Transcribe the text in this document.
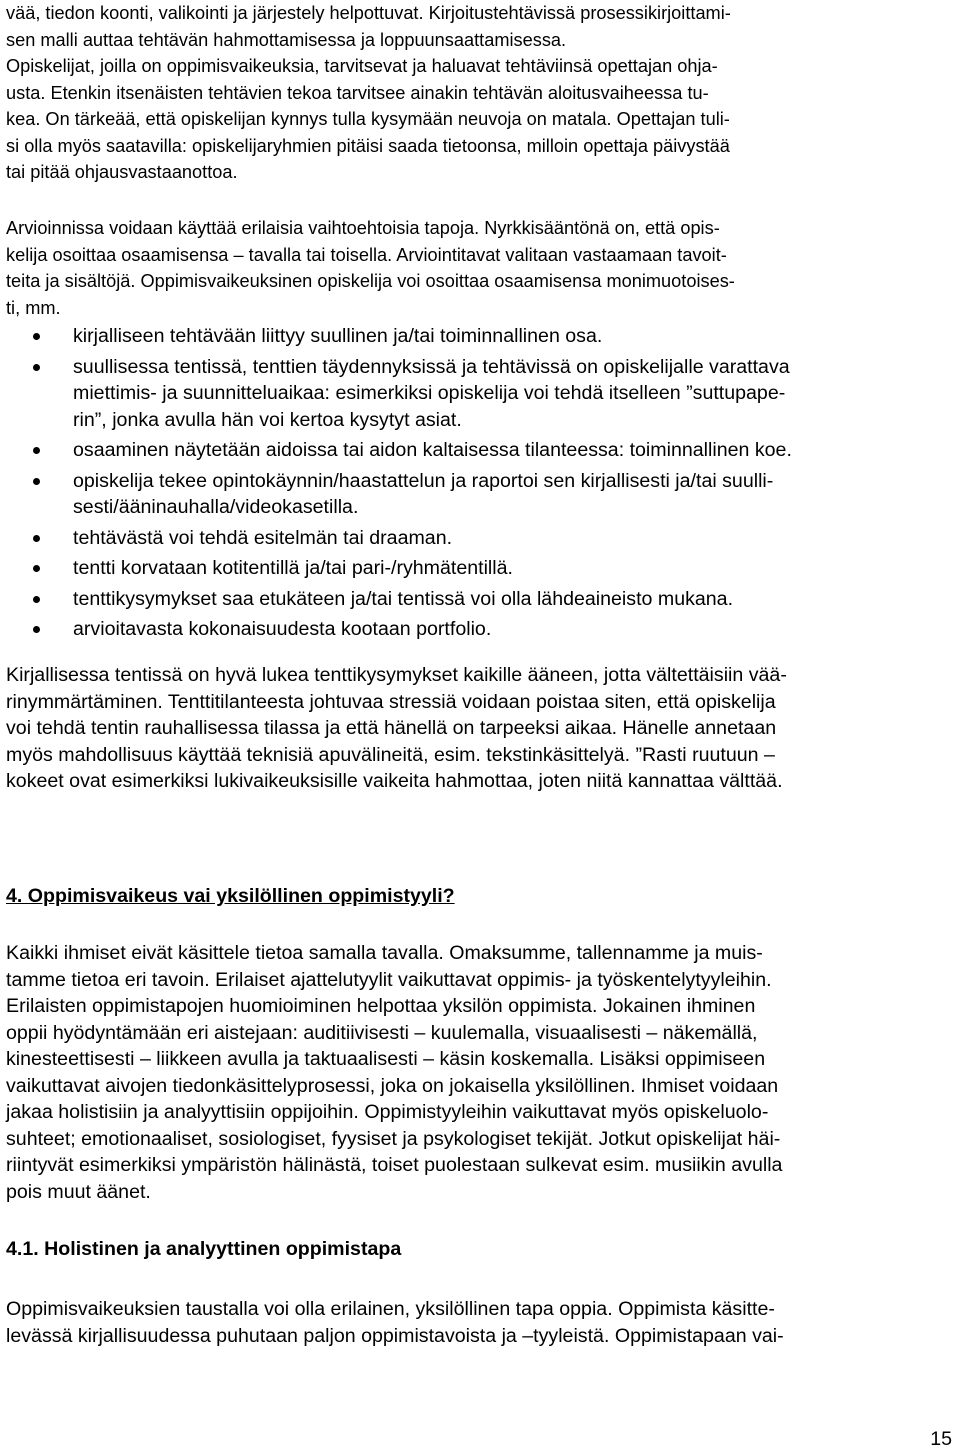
vää, tiedon koonti, valikointi ja järjestely helpottuvat. Kirjoitustehtävissä prosessikirjoittami-
sen malli auttaa tehtävän hahmottamisessa ja loppuunsaattamisessa.
Opiskelijat, joilla on oppimisvaikeuksia, tarvitsevat ja haluavat tehtäviinsä opettajan ohja-
usta. Etenkin itsenäisten tehtävien tekoa tarvitsee ainakin tehtävän aloitusvaiheessa tu-
kea. On tärkeää, että opiskelijan kynnys tulla kysymään neuvoja on matala. Opettajan tuli-
si olla myös saatavilla: opiskelijaryhmien pitäisi saada tietoonsa, milloin opettaja päivystää
tai pitää ohjausvastaanottoa.
Arvioinnissa voidaan käyttää erilaisia vaihtoehtoisia tapoja. Nyrkkisääntönä on, että opis-
kelija osoittaa osaamisensa – tavalla tai toisella. Arviointitavat valitaan vastaamaan tavoit-
teita ja sisältöjä. Oppimisvaikeuksinen opiskelija voi osoittaa osaamisensa monimuotoises-
ti, mm.
kirjalliseen tehtävään liittyy suullinen ja/tai toiminnallinen osa.
suullisessa tentissä, tenttien täydennyksissä ja tehtävissä on opiskelijalle varattava
miettimis- ja suunnitteluaikaa: esimerkiksi opiskelija voi tehdä itselleen ”suttupape-
rin”, jonka avulla hän voi kertoa kysytyt asiat.
osaaminen näytetään aidoissa tai aidon kaltaisessa tilanteessa: toiminnallinen koe.
opiskelija tekee opintokäynnin/haastattelun ja raportoi sen kirjallisesti ja/tai suulli-
sesti/ääninauhalla/videokasetilla.
tehtävästä voi tehdä esitelmän tai draaman.
tentti korvataan kotitentillä ja/tai pari-/ryhmätentillä.
tenttikysymykset saa etukäteen ja/tai tentissä voi olla lähdeaineisto mukana.
arvioitavasta kokonaisuudesta kootaan portfolio.
Kirjallisessa tentissä on hyvä lukea tenttikysymykset kaikille ääneen, jotta vältettäisiin vää-
rinymmärtäminen. Tenttitilanteesta johtuvaa stressiä voidaan poistaa siten, että opiskelija
voi tehdä tentin rauhallisessa tilassa ja että hänellä on tarpeeksi aikaa. Hänelle annetaan
myös mahdollisuus käyttää teknisiä apuvälineitä, esim. tekstinkäsittelyä. ”Rasti ruutuun –
kokeet ovat esimerkiksi lukivaikeuksisille vaikeita hahmottaa, joten niitä kannattaa välttää.
4. Oppimisvaikeus vai yksilöllinen oppimistyyli?
Kaikki ihmiset eivät käsittele tietoa samalla tavalla. Omaksumme, tallennamme ja muis-
tamme tietoa eri tavoin. Erilaiset ajattelutyylit vaikuttavat oppimis- ja työskentelytyyleihin.
Erilaisten oppimistapojen huomioiminen helpottaa yksilön oppimista. Jokainen ihminen
oppii hyödyntämään eri aistejaan: auditiivisesti – kuulemalla, visuaalisesti – näkemällä,
kinesteettisesti – liikkeen avulla ja taktuaalisesti – käsin koskemalla. Lisäksi oppimiseen
vaikuttavat aivojen tiedonkäsittelyprosessi, joka on jokaisella yksilöllinen. Ihmiset voidaan
jakaa holistisiin ja analyyttisiin oppijoihin. Oppimistyyleihin vaikuttavat myös opiskeluolo-
suhteet; emotionaaliset, sosiologiset, fyysiset ja psykologiset tekijät. Jotkut opiskelijat häi-
riintyvät esimerkiksi ympäristön hälinästä, toiset puolestaan sulkevat esim. musiikin avulla
pois muut äänet.
4.1. Holistinen ja analyyttinen oppimistapa
Oppimisvaikeuksien taustalla voi olla erilainen, yksilöllinen tapa oppia. Oppimista käsitte-
levässä kirjallisuudessa puhutaan paljon oppimistavoista ja –tyyleistä. Oppimistapaan vai-
15
